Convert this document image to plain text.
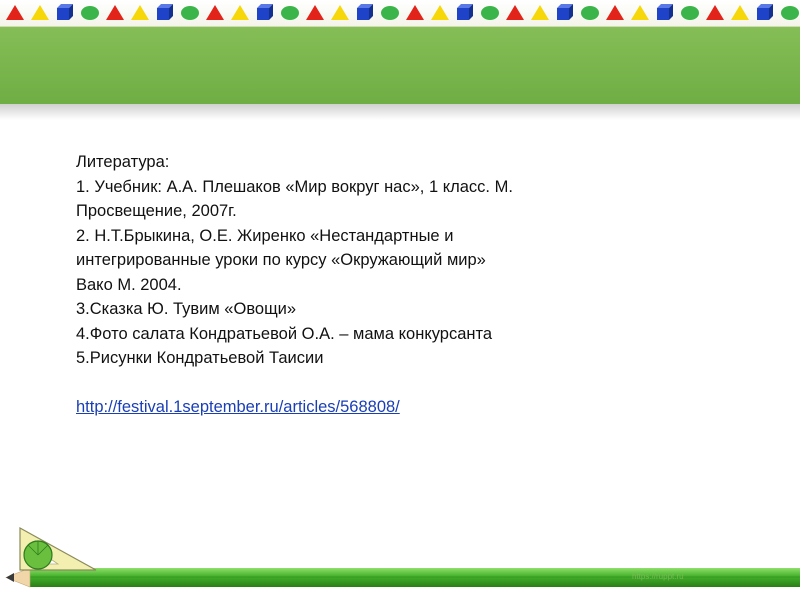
Литература:
1. Учебник: А.А. Плешаков «Мир вокруг нас», 1 класс. М.
Просвещение, 2007г.
2. Н.Т.Брыкина, О.Е. Жиренко «Нестандартные и
интегрированные уроки по курсу «Окружающий мир»
Вако М. 2004.
3.Сказка Ю. Тувим «Овощи»
4.Фото салата Кондратьевой О.А. – мама конкурсанта
5.Рисунки Кондратьевой Таисии
http://festival.1september.ru/articles/568808/
https://ruppt.ru
